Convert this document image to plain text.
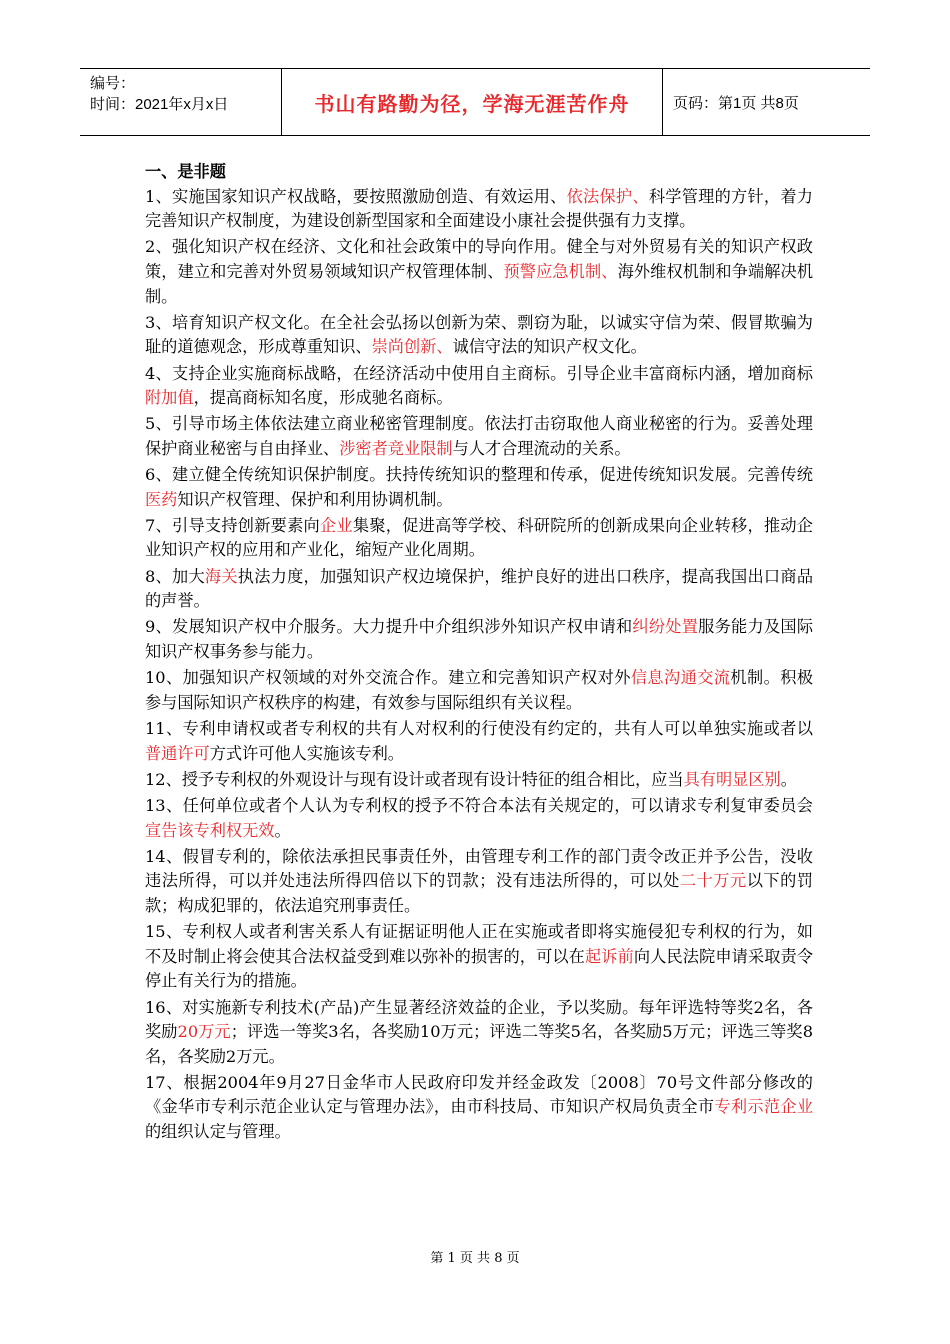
编号：
时间：2021年x月x日	书山有路勤为径，学海无涯苦作舟	页码：第1页 共8页
一、是非题

1、实施国家知识产权战略，要按照激励创造、有效运用、依法保护、科学管理的方针，着力完善知识产权制度，为建设创新型国家和全面建设小康社会提供强有力支撑。

2、强化知识产权在经济、文化和社会政策中的导向作用。健全与对外贸易有关的知识产权政策，建立和完善对外贸易领域知识产权管理体制、预警应急机制、海外维权机制和争端解决机制。

3、培育知识产权文化。在全社会弘扬以创新为荣、剽窃为耻，以诚实守信为荣、假冒欺骗为耻的道德观念，形成尊重知识、崇尚创新、诚信守法的知识产权文化。

4、支持企业实施商标战略，在经济活动中使用自主商标。引导企业丰富商标内涵，增加商标附加值，提高商标知名度，形成驰名商标。

5、引导市场主体依法建立商业秘密管理制度。依法打击窃取他人商业秘密的行为。妥善处理保护商业秘密与自由择业、涉密者竞业限制与人才合理流动的关系。

6、建立健全传统知识保护制度。扶持传统知识的整理和传承，促进传统知识发展。完善传统医药知识产权管理、保护和利用协调机制。

7、引导支持创新要素向企业集聚，促进高等学校、科研院所的创新成果向企业转移，推动企业知识产权的应用和产业化，缩短产业化周期。

8、加大海关执法力度，加强知识产权边境保护，维护良好的进出口秩序，提高我国出口商品的声誉。

9、发展知识产权中介服务。大力提升中介组织涉外知识产权申请和纠纷处置服务能力及国际知识产权事务参与能力。

10、加强知识产权领域的对外交流合作。建立和完善知识产权对外信息沟通交流机制。积极参与国际知识产权秩序的构建，有效参与国际组织有关议程。

11、专利申请权或者专利权的共有人对权利的行使没有约定的，共有人可以单独实施或者以普通许可方式许可他人实施该专利。

12、授予专利权的外观设计与现有设计或者现有设计特征的组合相比，应当具有明显区别。

13、任何单位或者个人认为专利权的授予不符合本法有关规定的，可以请求专利复审委员会宣告该专利权无效。

14、假冒专利的，除依法承担民事责任外，由管理专利工作的部门责令改正并予公告，没收违法所得，可以并处违法所得四倍以下的罚款；没有违法所得的，可以处二十万元以下的罚款；构成犯罪的，依法追究刑事责任。

15、专利权人或者利害关系人有证据证明他人正在实施或者即将实施侵犯专利权的行为，如不及时制止将会使其合法权益受到难以弥补的损害的，可以在起诉前向人民法院申请采取责令停止有关行为的措施。

16、对实施新专利技术(产品)产生显著经济效益的企业，予以奖励。每年评选特等奖2名，各奖励20万元；评选一等奖3名，各奖励10万元；评选二等奖5名，各奖励5万元；评选三等奖8名，各奖励2万元。

17、根据2004年9月27日金华市人民政府印发并经金政发〔2008〕70号文件部分修改的《金华市专利示范企业认定与管理办法》，由市科技局、市知识产权局负责全市专利示范企业的组织认定与管理。

第 1 页 共 8 页
